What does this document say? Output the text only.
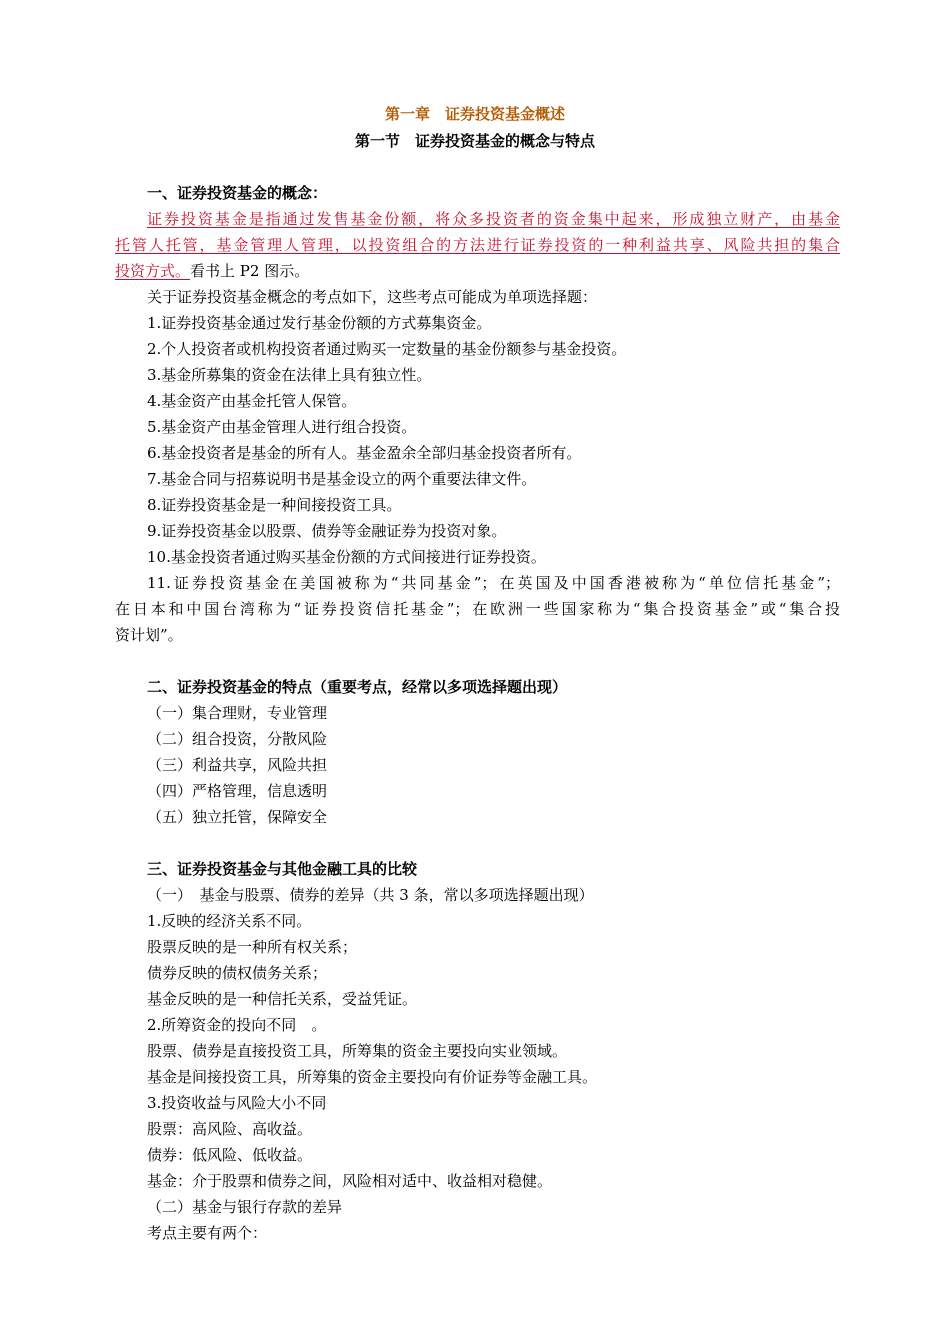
第一章　证券投资基金概述
第一节　证券投资基金的概念与特点
一、证券投资基金的概念：
证券投资基金是指通过发售基金份额，将众多投资者的资金集中起来，形成独立财产，由基金
托管人托管，基金管理人管理，以投资组合的方法进行证券投资的一种利益共享、风险共担的集合
投资方式。看书上 P2 图示。
关于证券投资基金概念的考点如下，这些考点可能成为单项选择题：
1.证券投资基金通过发行基金份额的方式募集资金。
2.个人投资者或机构投资者通过购买一定数量的基金份额参与基金投资。
3.基金所募集的资金在法律上具有独立性。
4.基金资产由基金托管人保管。
5.基金资产由基金管理人进行组合投资。
6.基金投资者是基金的所有人。基金盈余全部归基金投资者所有。
7.基金合同与招募说明书是基金设立的两个重要法律文件。
8.证券投资基金是一种间接投资工具。
9.证券投资基金以股票、债券等金融证券为投资对象。
10.基金投资者通过购买基金份额的方式间接进行证券投资。
11.证券投资基金在美国被称为“共同基金”；在英国及中国香港被称为“单位信托基金”；
在日本和中国台湾称为“证券投资信托基金”；在欧洲一些国家称为“集合投资基金”或“集合投
资计划”。
二、证券投资基金的特点（重要考点，经常以多项选择题出现）
（一）集合理财，专业管理
（二）组合投资，分散风险
（三）利益共享，风险共担
（四）严格管理，信息透明
（五）独立托管，保障安全
三、证券投资基金与其他金融工具的比较
（一）　基金与股票、债券的差异（共 3 条，常以多项选择题出现）
1.反映的经济关系不同。
股票反映的是一种所有权关系；
债券反映的债权债务关系；
基金反映的是一种信托关系，受益凭证。
2.所筹资金的投向不同　。
股票、债券是直接投资工具，所筹集的资金主要投向实业领域。
基金是间接投资工具，所筹集的资金主要投向有价证券等金融工具。
3.投资收益与风险大小不同
股票：高风险、高收益。
债券：低风险、低收益。
基金：介于股票和债券之间，风险相对适中、收益相对稳健。
（二）基金与银行存款的差异
考点主要有两个：
